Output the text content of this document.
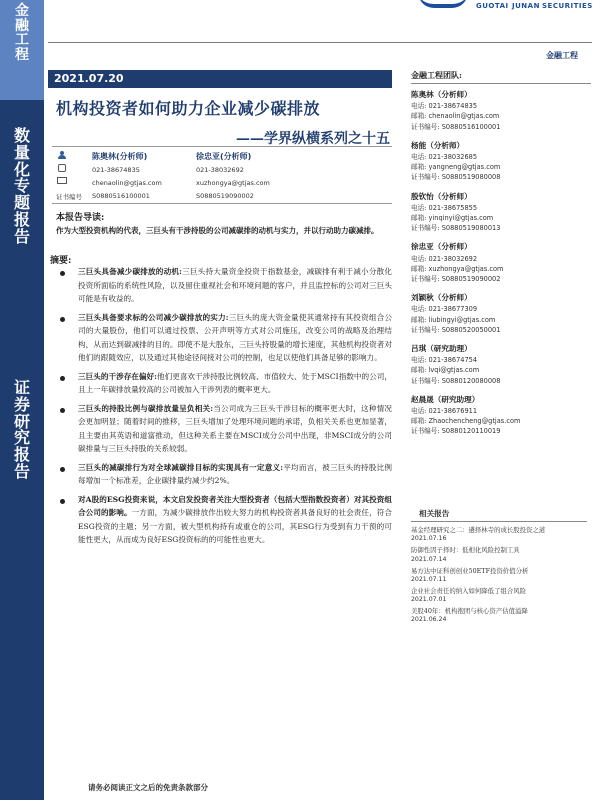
金
融
工
程
数
量
化
专
题
报
告
证
券
研
究
报
告
GUOTAI JUNAN SECURITIES
金融工程
2021.07.20
机构投资者如何助力企业减少碳排放
——学界纵横系列之十五
证书编号
陈奥林(分析师)
021-38674835
chenaolin@gtjas.com
S0880516100001
徐忠亚(分析师)
021-38032692
xuzhongya@gtjas.com
S0880519090002
本报告导读:
作为大型投资机构的代表，三巨头有干涉持股的公司减碳排的动机与实力，并以行动助力碳减排。
摘要:
三巨头具备减少碳排放的动机:三巨头持大量资金投资于指数基金，减碳排有利于减小分散化投资所面临的系统性风险，以及留住重视社会和环境问题的客户，并且监控标的公司对三巨头可能是有收益的。
三巨头具备要求标的公司减少碳排放的实力:三巨头的庞大资金量使其通常持有其投资组合公司的大量股份，他们可以通过投票、公开声明等方式对公司施压，改变公司的战略及治理结构，从而达到碳减排的目的。即使不是大股东，三巨头持股量的增长速度，其他机构投资者对他们的跟随效应，以及通过其他途径间接对公司的控制，也足以使他们具备足够的影响力。
三巨头的干涉存在偏好:他们更喜欢干涉持股比例较高、市值较大、处于MSCI指数中的公司，且上一年碳排放量较高的公司被加入干涉列表的概率更大。
三巨头的持股比例与碳排放量呈负相关:当公司成为三巨头干涉目标的概率更大时，这种情况会更加明显；随着时间的推移，三巨头增加了处理环境问题的承诺，负相关关系也更加显著，且主要由其英语和道富推动，但这种关系主要在MSCI成分公司中出现，非MSCI成分的公司碳排量与三巨头持股的关系较弱。
三巨头的减碳排行为对全球减碳排目标的实现具有一定意义:平均而言，被三巨头的持股比例每增加一个标准差，企业碳排量约减少约2%。
对A股的ESG投资来说，本文启发投资者关注大型投资者（包括大型指数投资者）对其投资组合公司的影响。一方面，为减少碳排放作出较大努力的机构投资者具备良好的社会责任，符合ESG投资的主题；另一方面，被大型机构持有或重仓的公司，其ESG行为受到有力干预的可能性更大，从而成为良好ESG投资标的的可能性也更大。
金融工程团队:
陈奥林（分析师）
电话: 021-38674835
邮箱: chenaolin@gtjas.com
证书编号: S0880516100001
杨能（分析师）
电话: 021-38032685
邮箱: yangneng@gtjas.com
证书编号: S0880519080008
殷钦怡（分析师）
电话: 021-38675855
邮箱: yinqinyi@gtjas.com
证书编号: S0880519080013
徐忠亚（分析师）
电话: 021-38032692
邮箱: xuzhongya@gtjas.com
证书编号: S0880519090002
刘颖秋（分析师）
电话: 021-38677309
邮箱: liubingyi@gtjas.com
证书编号: S0880520050001
吕琪（研究助理）
电话: 021-38674754
邮箱: lvqi@gtjas.com
证书编号: S0880120080008
赵晨晟（研究助理）
电话: 021-38676911
邮箱: Zhaochencheng@gtjas.com
证书编号: S0880120110019
相关报告
基金经理研究之二：遴择林寺的成长股投资之道
2021.07.16
防御性因子择时：低相化风险控制工具
2021.07.14
易方达中证科创创业50ETF投资价值分析
2021.07.11
企业社会责任的纳入如何降低了组合风险
2021.07.01
美股40年：机构抱团与核心资产估值溢降
2021.06.24
请务必阅读正文之后的免责条款部分
